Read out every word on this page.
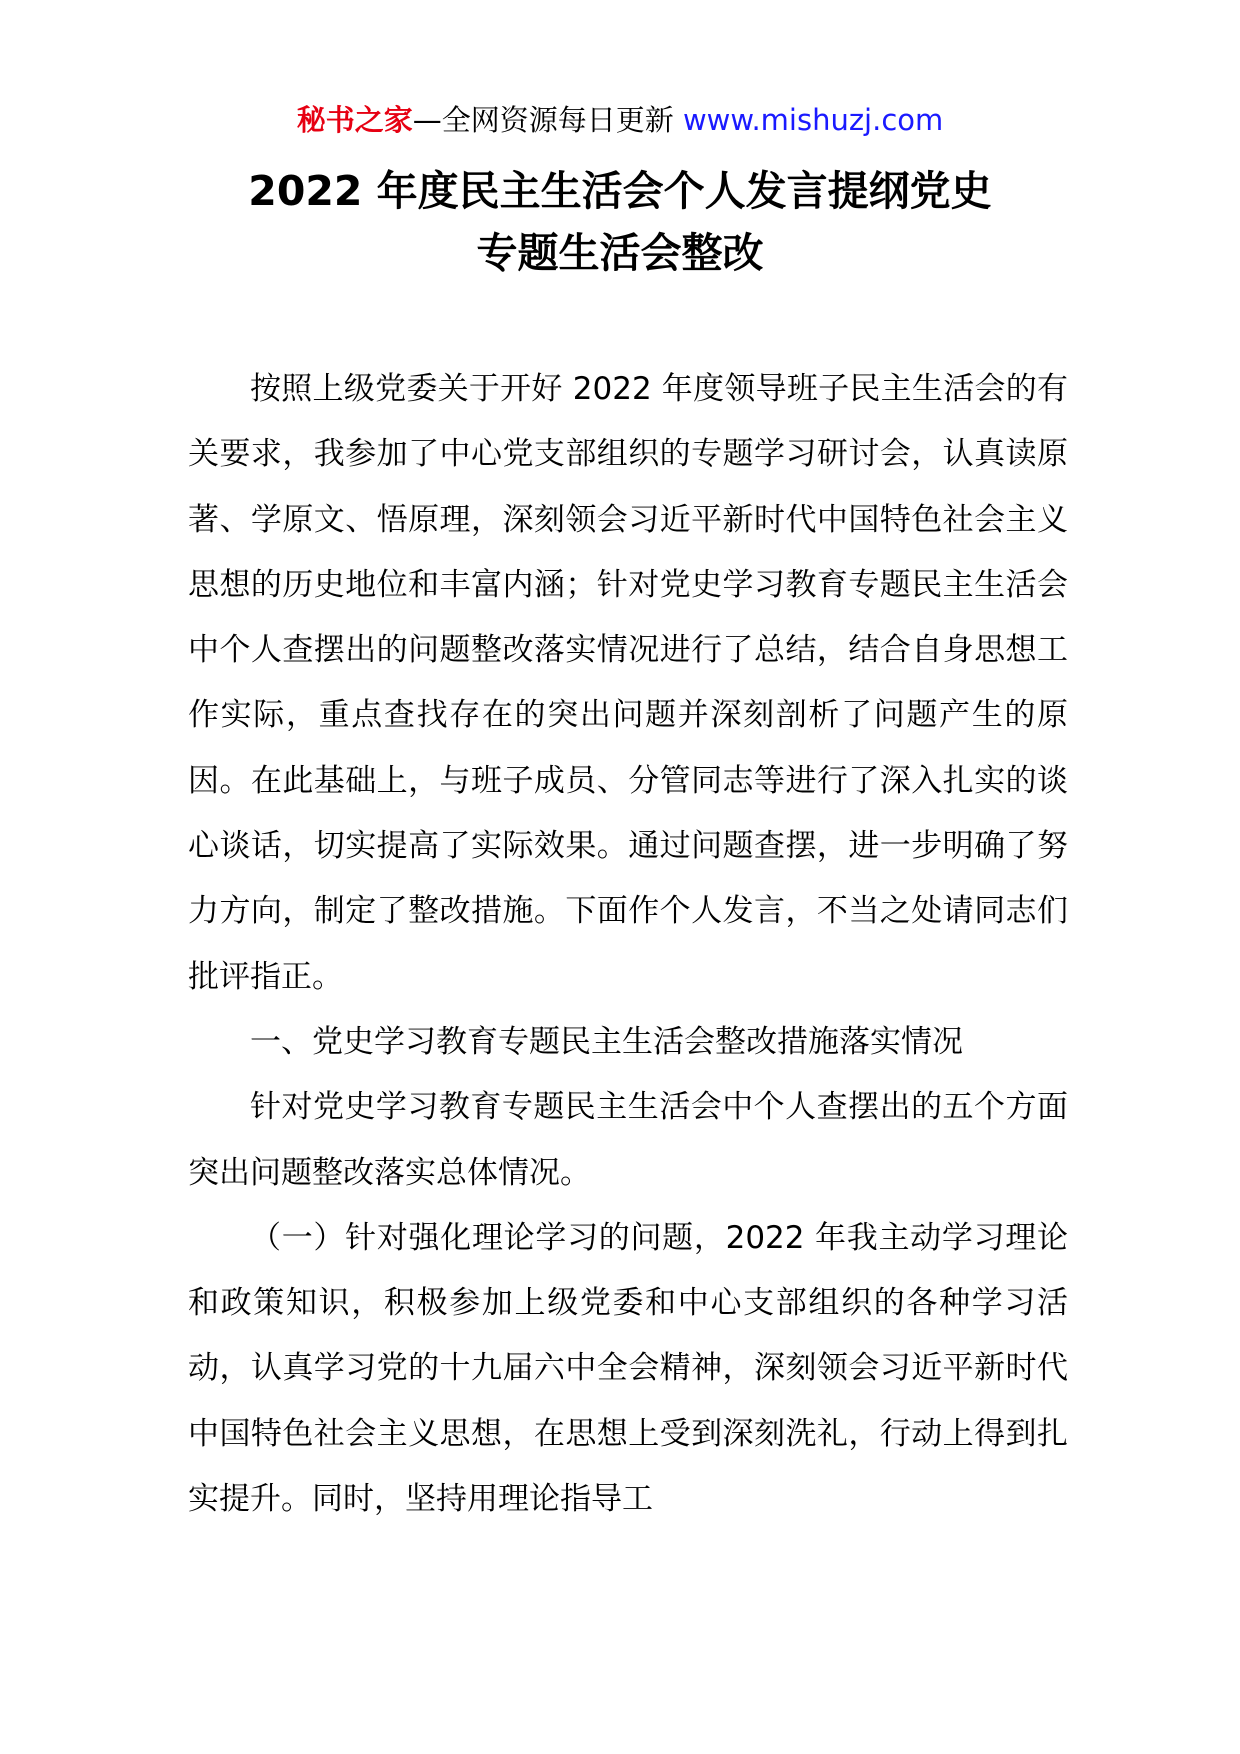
秘书之家—全网资源每日更新 www.mishuzj.com
2022 年度民主生活会个人发言提纲党史
专题生活会整改

按照上级党委关于开好 2022 年度领导班子民主生活会的有关要求，我参加了中心党支部组织的专题学习研讨会，认真读原著、学原文、悟原理，深刻领会习近平新时代中国特色社会主义思想的历史地位和丰富内涵；针对党史学习教育专题民主生活会中个人查摆出的问题整改落实情况进行了总结，结合自身思想工作实际，重点查找存在的突出问题并深刻剖析了问题产生的原因。在此基础上，与班子成员、分管同志等进行了深入扎实的谈心谈话，切实提高了实际效果。通过问题查摆，进一步明确了努力方向，制定了整改措施。下面作个人发言，不当之处请同志们批评指正。

一、党史学习教育专题民主生活会整改措施落实情况

针对党史学习教育专题民主生活会中个人查摆出的五个方面突出问题整改落实总体情况。

（一）针对强化理论学习的问题，2022 年我主动学习理论和政策知识，积极参加上级党委和中心支部组织的各种学习活动，认真学习党的十九届六中全会精神，深刻领会习近平新时代中国特色社会主义思想，在思想上受到深刻洗礼，行动上得到扎实提升。同时，坚持用理论指导工
